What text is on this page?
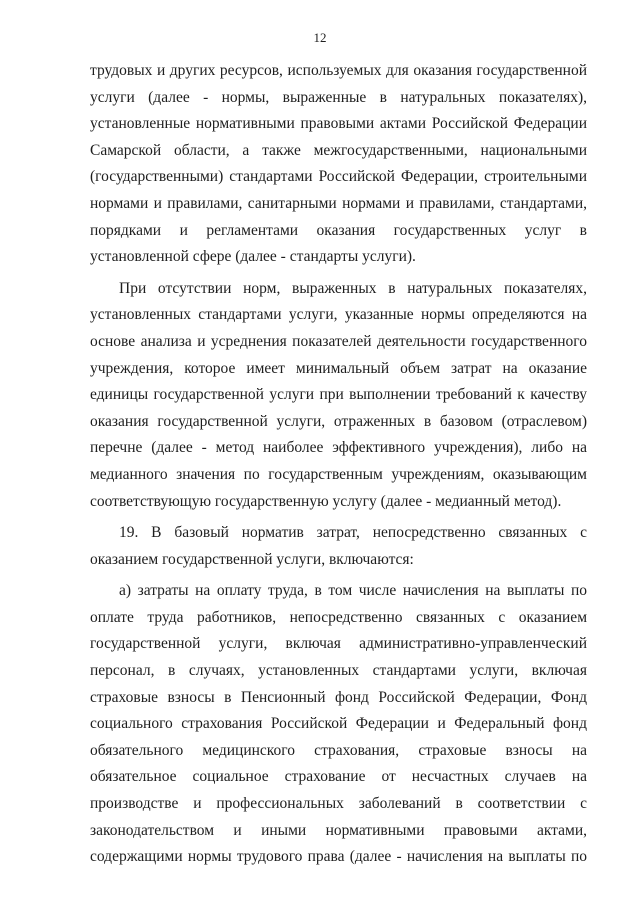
12
трудовых и других ресурсов, используемых для оказания государственной
услуги (далее - нормы, выраженные в натуральных показателях),
установленные нормативными правовыми актами Российской Федерации
Самарской области, а также межгосударственными, национальными
(государственными) стандартами Российской Федерации, строительными
нормами и правилами, санитарными нормами и правилами, стандартами,
порядками и регламентами оказания государственных услуг в
установленной сфере (далее - стандарты услуги).
При отсутствии норм, выраженных в натуральных показателях,
установленных стандартами услуги, указанные нормы определяются на
основе анализа и усреднения показателей деятельности государственного
учреждения, которое имеет минимальный объем затрат на оказание
единицы государственной услуги при выполнении требований к качеству
оказания государственной услуги, отраженных в базовом (отраслевом)
перечне (далее - метод наиболее эффективного учреждения), либо на
медианного значения по государственным учреждениям, оказывающим
соответствующую государственную услугу (далее - медианный метод).
19. В базовый норматив затрат, непосредственно связанных с
оказанием государственной услуги, включаются:
а) затраты на оплату труда, в том числе начисления на выплаты по
оплате труда работников, непосредственно связанных с оказанием
государственной услуги, включая административно-управленческий
персонал, в случаях, установленных стандартами услуги, включая
страховые взносы в Пенсионный фонд Российской Федерации, Фонд
социального страхования Российской Федерации и Федеральный фонд
обязательного медицинского страхования, страховые взносы на
обязательное социальное страхование от несчастных случаев на
производстве и профессиональных заболеваний в соответствии с
законодательством и иными нормативными правовыми актами,
содержащими нормы трудового права (далее - начисления на выплаты по
